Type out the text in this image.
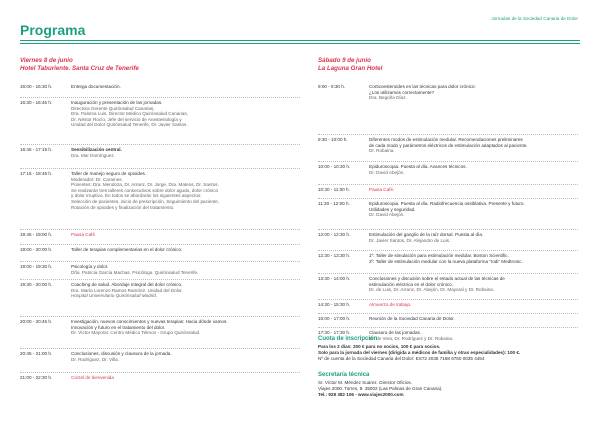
Jornadas de la Sociedad Canaria de Dolor
Programa
Viernes 8 de junio
Hotel Taburiente. Santa Cruz de Tenerife
16:00 - 16:30 h.	Entrega documentación.
16:30 - 16:45 h.	Inauguración y presentación de las jornadas.
Directora Gerente Quirónsalud Canarias,
Dra. Paloma Luis, Director Médico Quirónsalud Canarias,
Dr. Néstor Rocío, Jefe del servicio de Anestesiología y
Unidad del Dolor Quirónsalud Tenerife, Dr. Javier Santos.
16:45 - 17:15 h.	Sensibilización central.
Dra. Mar Domínguez.
17:15 - 18:45 h.	Taller de manejo seguro de opioides.
Moderador: Dr. Carames.
Ponentes: Dra. Mendoza, Dr. Arranz, Dr. Jorge, Dra. Mateos, Dr. Santos.
Se realizarán tres talleres consecutivos sobre dolor agudo, dolor crónico
y dolor irruptivo. En todos se abordarán los siguientes aspectos:
Selección de pacientes, inicio de prescripción, Seguimiento del paciente,
Rotación de opioides y finalización del tratamiento.
18:45 - 19:00 h.	Pausa Café
19:00 - 20:00 h.	Taller de terapias complementarias en el dolor crónico.
19:00 - 19:30 h.	Psicología y dolor.
Dña. Patricia García Machas. Psicóloga. Quirónsalud Tenerife.
19:30 - 20:00 h.	Coaching de salud. Abordaje integral del dolor crónico.
Dra. María Lorenzo Ramos Ramírez. Unidad del Dolor.
Hospital Universitario Quirónsalud Madrid.
20:00 - 20:45 h.	Investigación, nuevos conocimientos y nuevas terapias: Hacia dónde vamos.
Innovación y futuro en el tratamiento del dolor.
Dr. Víctor Mayoral. Centro Médico Teknon - Grupo Quirónsalud.
20:45 - 21:00 h.	Conclusiones, discusión y clausura de la jornada.
Dr. Rodríguez, Dr. Villa.
21:00 - 22:30 h.	Cóctel de bienvenida
Sábado 9 de junio
La Laguna Gran Hotel
9:00 - 9:30 h.	Corticoesteroides en las técnicas para dolor crónico:
¿Los utilizamos correctamente?
Dra. Begoña Díaz.
9:30 - 10:00 h.	Diferentes modos de estimulación medular. Recomendaciones preliminares
de cada modo y parámetros eléctricos de estimulación adaptados al paciente.
Dr. Robaina.
10:00 - 10:30 h.	Epiduroscopia. Puesta al día. Avances técnicos.
Dr. David Abejón.
10:30 - 11:00 h.	Pausa Café.
11:30 - 12:00 h.	Epiduroscopia. Puesta al día. Radiofrecuencia ossiblativa. Presente y futuro.
Utilidades y seguridad.
Dr. David Abejón.
12:00 - 12:30 h.	Estimulación del ganglio de la raíz dorsal. Puesta al día.
Dr. Javier Santos, Dr. Alejandro de Luis.
12:30 - 13:30 h.	1º: Taller de simulación para estimulación medular. Boston Scientific.
2º: Taller de estimulación medular con la nueva plataforma "Iodi" Medtronic.
13:30 - 14:00 h.	Conclusiones y discusión sobre el estado actual de las técnicas de
estimulación eléctrica en el dolor crónico.
Dr. de Luis, Dr. Arranz, Dr. Abejón, Dr. Mayoral y Dr. Robaina.
14:30 - 15:30 h.	Almuerzo de trabajo.
16:00 - 17:00 h.	Reunión de la Sociedad Canaria de Dolor.
17:30 - 17:30 h.	Clausura de las jornadas.
Dr. de Vera, Dr. Rodríguez y Dr. Robaina.
Cuota de inscripción
Para los 2 días: 200 € para no socios, 100 € para socios.
Solo para la jornada del viernes (dirigida a médicos de familia y otras especialidades): 100 €.
Nº de cuenta de la Sociedad Canaria del Dolor: ES72 2038 7188 6760 0035 4454
Secretaría técnica
Sr. Víctor M. Méndez Suárez. Director Oficios.
Viajes 2000. Torres, 9. 35002 (Las Palmas de Gran Canaria).
Tel.: 928 382 106 - www.viajes2000.com
